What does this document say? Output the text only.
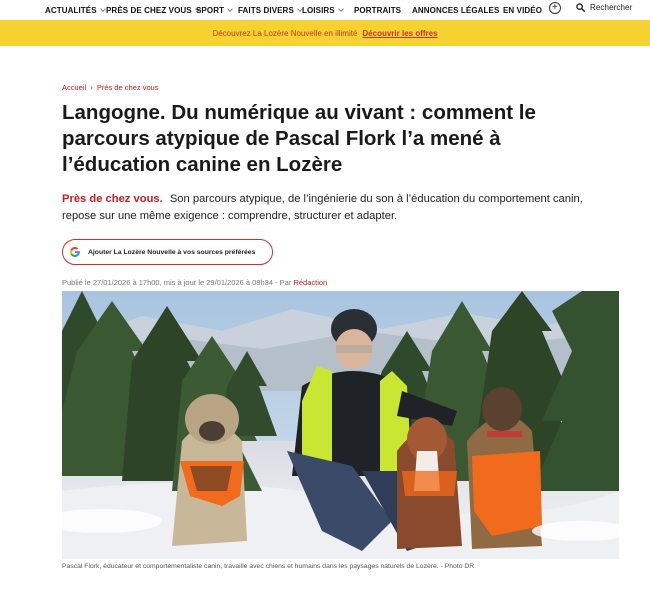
ACTUALITÉS PRÈS DE CHEZ VOUS SPORT FAITS DIVERS LOISIRS PORTRAITS ANNONCES LÉGALES EN VIDÉO +	Rechercher
Découvrez La Lozère Nouvelle en illimité Découvrir les offres
Accueil › Près de chez vous
Langogne. Du numérique au vivant : comment le parcours atypique de Pascal Flork l’a mené à l’éducation canine en Lozère

Près de chez vous. Son parcours atypique, de l’ingénierie du son à l’éducation du comportement canin, repose sur une même exigence : comprendre, structurer et adapter.

Ajouter La Lozère Nouvelle à vos sources préférées
Publié le 27/01/2026 à 17h00, mis à jour le 29/01/2026 à 08h34 - Par Rédaction
Pascal Flork, éducateur et comportementaliste canin, travaille avec chiens et humains dans les paysages naturels de Lozère. - Photo DR
